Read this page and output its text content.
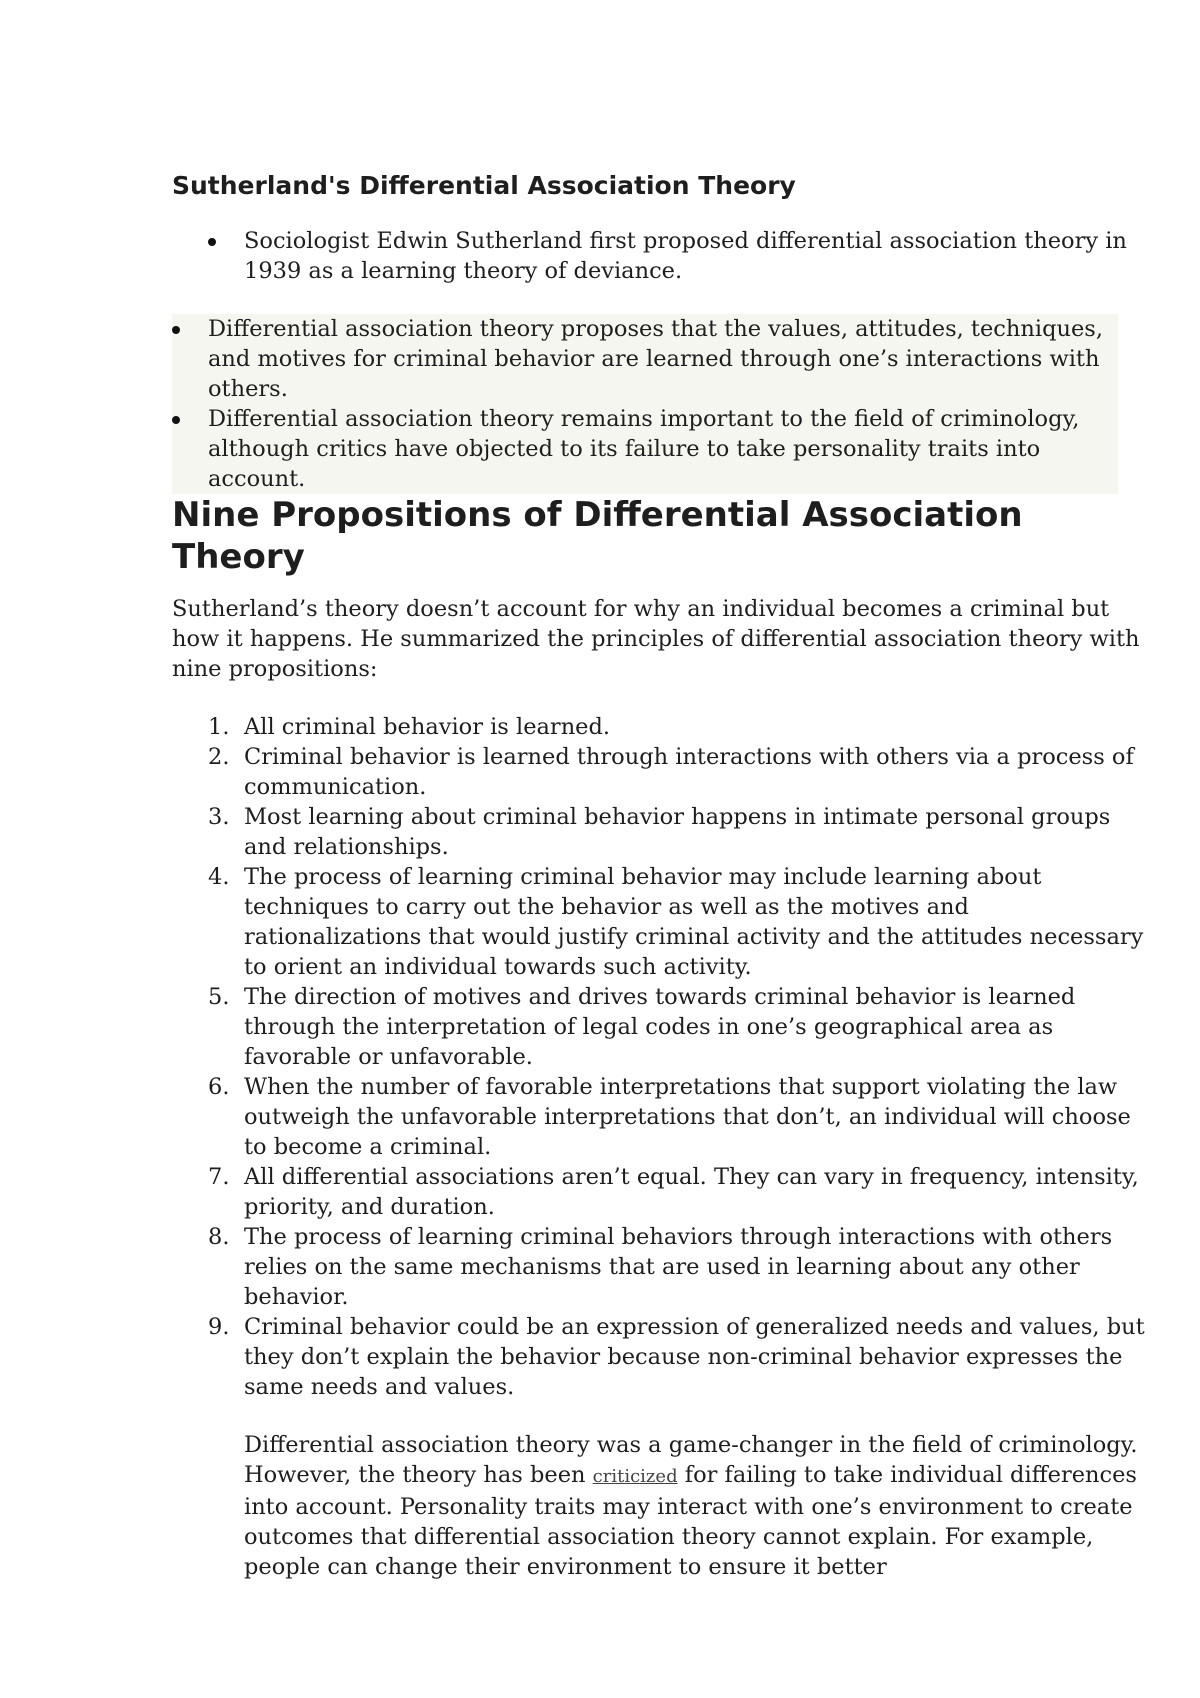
Sutherland's Differential Association Theory
Sociologist Edwin Sutherland first proposed differential association theory in 1939 as a learning theory of deviance.
Differential association theory proposes that the values, attitudes, techniques, and motives for criminal behavior are learned through one’s interactions with others.
Differential association theory remains important to the field of criminology, although critics have objected to its failure to take personality traits into account.
Nine Propositions of Differential Association Theory

Sutherland’s theory doesn’t account for why an individual becomes a criminal but how it happens. He summarized the principles of differential association theory with nine propositions:

1. All criminal behavior is learned.
2. Criminal behavior is learned through interactions with others via a process of communication.
3. Most learning about criminal behavior happens in intimate personal groups and relationships.
4. The process of learning criminal behavior may include learning about techniques to carry out the behavior as well as the motives and rationalizations that would justify criminal activity and the attitudes necessary to orient an individual towards such activity.
5. The direction of motives and drives towards criminal behavior is learned through the interpretation of legal codes in one’s geographical area as favorable or unfavorable.
6. When the number of favorable interpretations that support violating the law outweigh the unfavorable interpretations that don’t, an individual will choose to become a criminal.
7. All differential associations aren’t equal. They can vary in frequency, intensity, priority, and duration.
8. The process of learning criminal behaviors through interactions with others relies on the same mechanisms that are used in learning about any other behavior.
9. Criminal behavior could be an expression of generalized needs and values, but they don’t explain the behavior because non-criminal behavior expresses the same needs and values.

Differential association theory was a game-changer in the field of criminology. However, the theory has been criticized for failing to take individual differences into account. Personality traits may interact with one’s environment to create outcomes that differential association theory cannot explain. For example, people can change their environment to ensure it better
